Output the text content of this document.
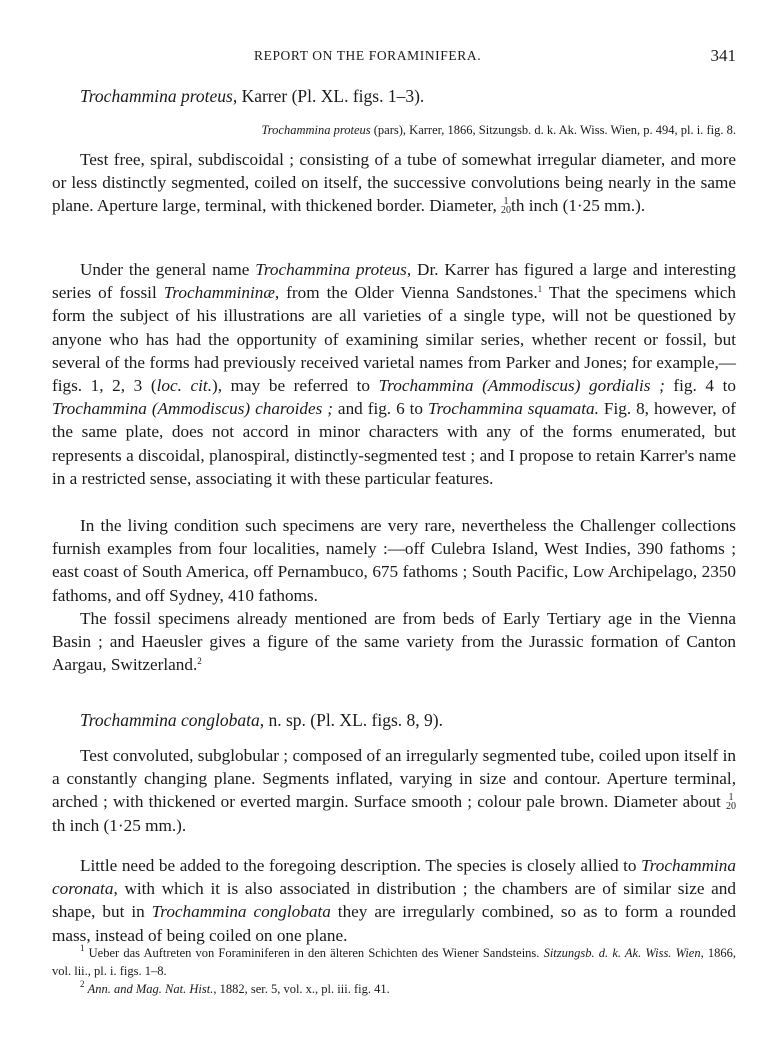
REPORT ON THE FORAMINIFERA.	341
Trochammina proteus, Karrer (Pl. XL. figs. 1–3).
Trochammina proteus (pars), Karrer, 1866, Sitzungsb. d. k. Ak. Wiss. Wien, p. 494, pl. i. fig. 8.

Test free, spiral, subdiscoidal ; consisting of a tube of somewhat irregular diameter, and more or less distinctly segmented, coiled on itself, the successive convolutions being nearly in the same plane. Aperture large, terminal, with thickened border. Diameter, 1
20 th inch (1·25 mm.).

Under the general name Trochammina proteus, Dr. Karrer has figured a large and interesting series of fossil Trochammininæ, from the Older Vienna Sandstones.$^1$ That the specimens which form the subject of his illustrations are all varieties of a single type, will not be questioned by anyone who has had the opportunity of examining similar series, whether recent or fossil, but several of the forms had previously received varietal names from Parker and Jones; for example,—figs. 1, 2, 3 (loc. cit.), may be referred to Trochammina (Ammodiscus) gordialis ; fig. 4 to Trochammina (Ammodiscus) charoides ; and fig. 6 to Trochammina squamata. Fig. 8, however, of the same plate, does not accord in minor characters with any of the forms enumerated, but represents a discoidal, planospiral, distinctly-segmented test ; and I propose to retain Karrer's name in a restricted sense, associating it with these particular features.

In the living condition such specimens are very rare, nevertheless the Challenger collections furnish examples from four localities, namely :—off Culebra Island, West Indies, 390 fathoms ; east coast of South America, off Pernambuco, 675 fathoms ; South Pacific, Low Archipelago, 2350 fathoms, and off Sydney, 410 fathoms.

The fossil specimens already mentioned are from beds of Early Tertiary age in the Vienna Basin ; and Haeusler gives a figure of the same variety from the Jurassic formation of Canton Aargau, Switzerland.$^2$

Trochammina conglobata, n. sp. (Pl. XL. figs. 8, 9).

Test convoluted, subglobular ; composed of an irregularly segmented tube, coiled upon itself in a constantly changing plane. Segments inflated, varying in size and contour. Aperture terminal, arched ; with thickened or everted margin. Surface smooth ; colour pale brown. Diameter about 1
20
th inch (1·25 mm.).

Little need be added to the foregoing description. The species is closely allied to Trochammina coronata, with which it is also associated in distribution ; the chambers are of similar size and shape, but in Trochammina conglobata they are irregularly combined, so as to form a rounded mass, instead of being coiled on one plane.

$^1$ Ueber das Auftreten von Foraminiferen in den älteren Schichten des Wiener Sandsteins. Sitzungsb. d. k. Ak. Wiss. Wien, 1866, vol. lii., pl. i. figs. 1–8.

$^2$ Ann. and Mag. Nat. Hist., 1882, ser. 5, vol. x., pl. iii. fig. 41.
